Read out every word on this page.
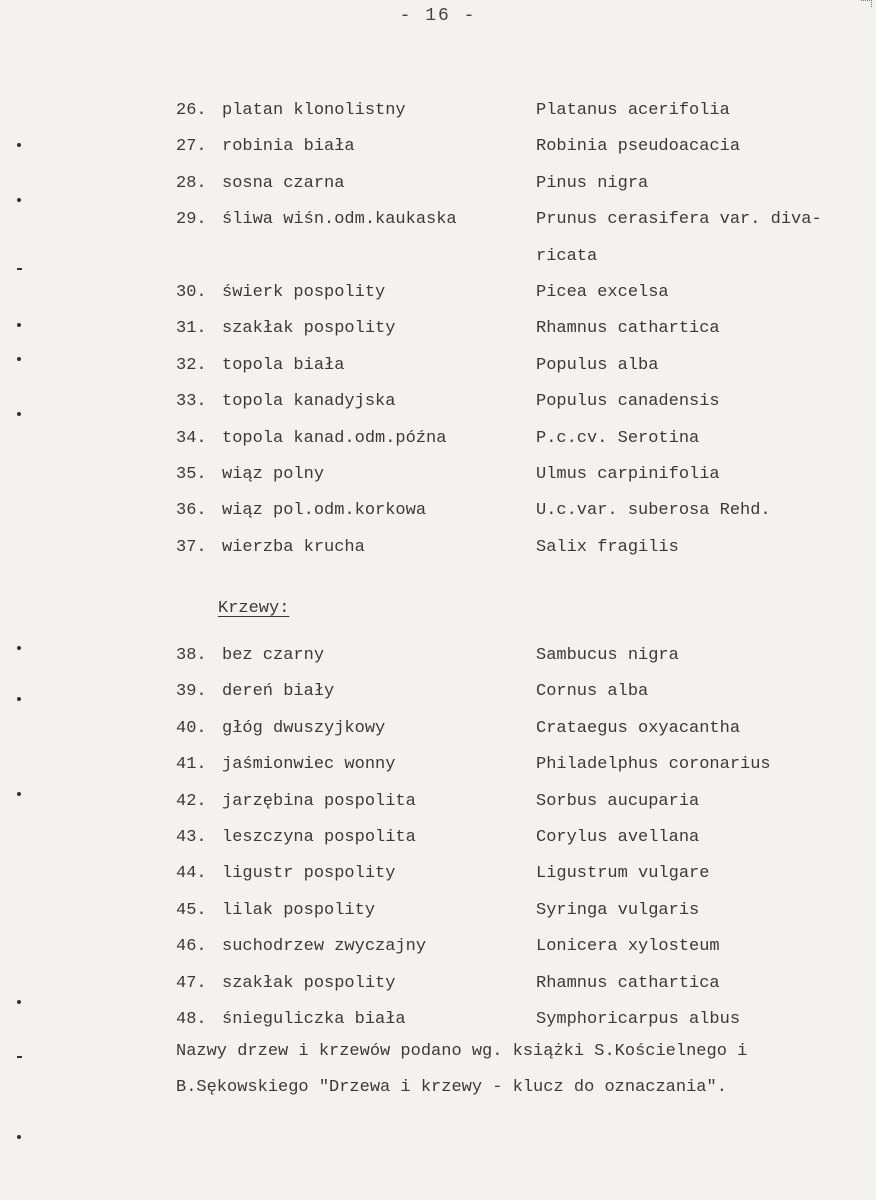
- 16 -
26. platan klonolistny	Platanus acerifolia
27. robinia biała	Robinia pseudoacacia
28. sosna czarna	Pinus nigra
29. śliwa wiśn.odm.kaukaska	Prunus cerasifera var. diva-
ricata
30. świerk pospolity	Picea excelsa
31. szakłak pospolity	Rhamnus cathartica
32. topola biała	Populus alba
33. topola kanadyjska	Populus canadensis
34. topola kanad.odm.późna	P.c.cv. Serotina
35. wiąz polny	Ulmus carpinifolia
36. wiąz pol.odm.korkowa	U.c.var. suberosa Rehd.
37. wierzba krucha	Salix fragilis
Krzewy:
38. bez czarny	Sambucus nigra
39. dereń biały	Cornus alba
40. głóg dwuszyjkowy	Crataegus oxyacantha
41. jaśmionwiec wonny	Philadelphus coronarius
42. jarzębina pospolita	Sorbus aucuparia
43. leszczyna pospolita	Corylus avellana
44. ligustr pospolity	Ligustrum vulgare
45. lilak pospolity	Syringa vulgaris
46. suchodrzew zwyczajny	Lonicera xylosteum
47. szakłak pospolity	Rhamnus cathartica
48. śnieguliczka biała	Symphoricarpus albus
Nazwy drzew i krzewów podano wg. książki S.Kościelnego i
B.Sękowskiego "Drzewa i krzewy - klucz do oznaczania".
